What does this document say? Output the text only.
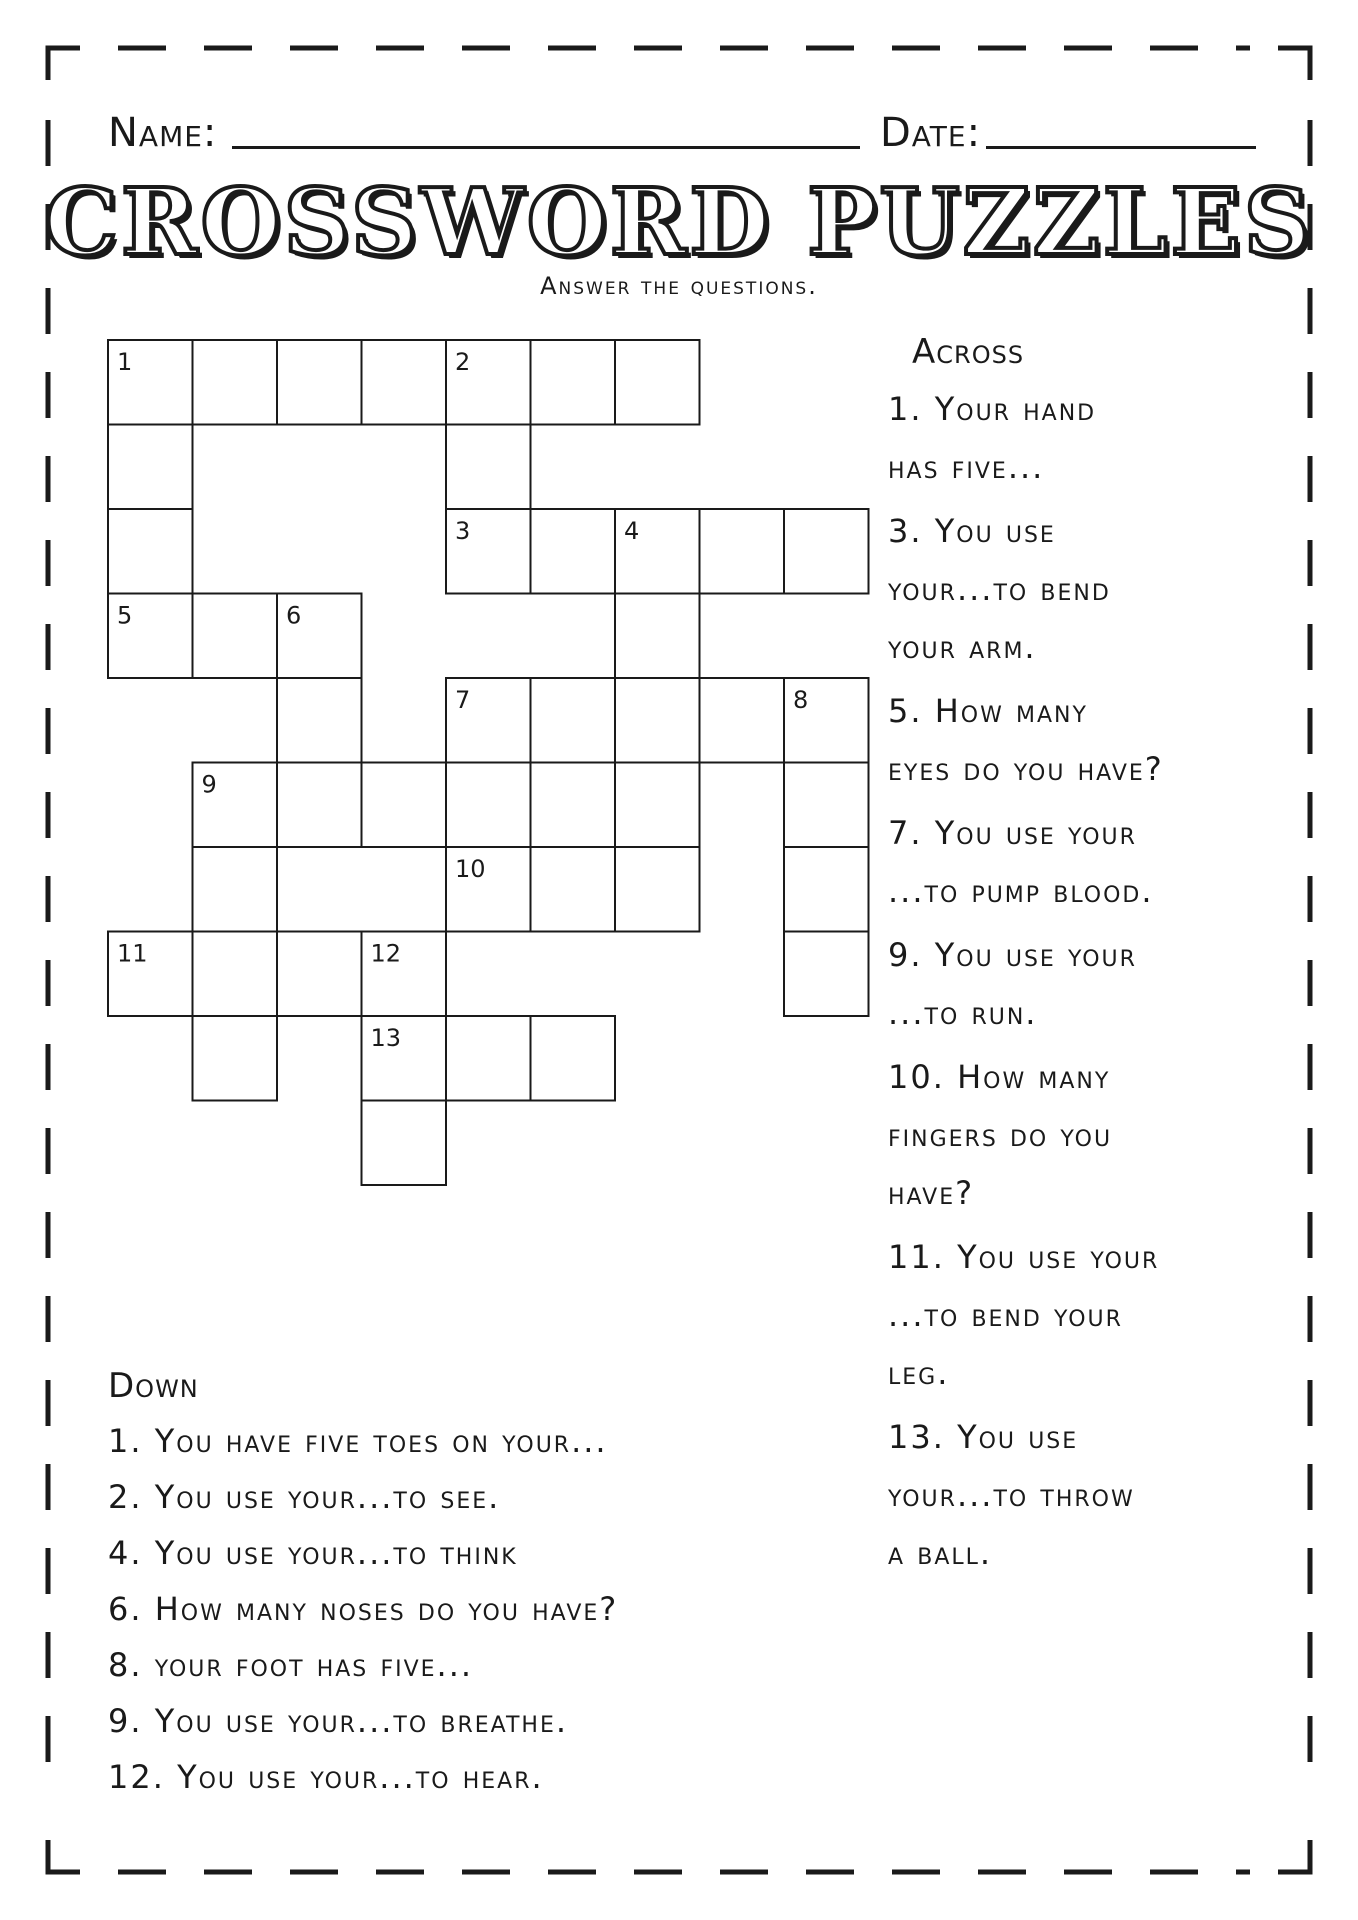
Name:	Date:
CROSSWORD PUZZLES
Answer the questions.
1	2
3	4
5	6
7	8
9
10
11	12
13
Across
1. Your hand
has five...
3. You use
your...to bend
your arm.
5. How many
eyes do you have?
7. You use your
...to pump blood.
9. You use your
...to run.
10. How many
fingers do you
have?
11. You use your
...to bend your
leg.
13. You use
your...to throw
a ball.
Down
1. You have five toes on your...
2. You use your...to see.
4. You use your...to think
6. How many noses do you have?
8. your foot has five...
9. You use your...to breathe.
12. You use your...to hear.
